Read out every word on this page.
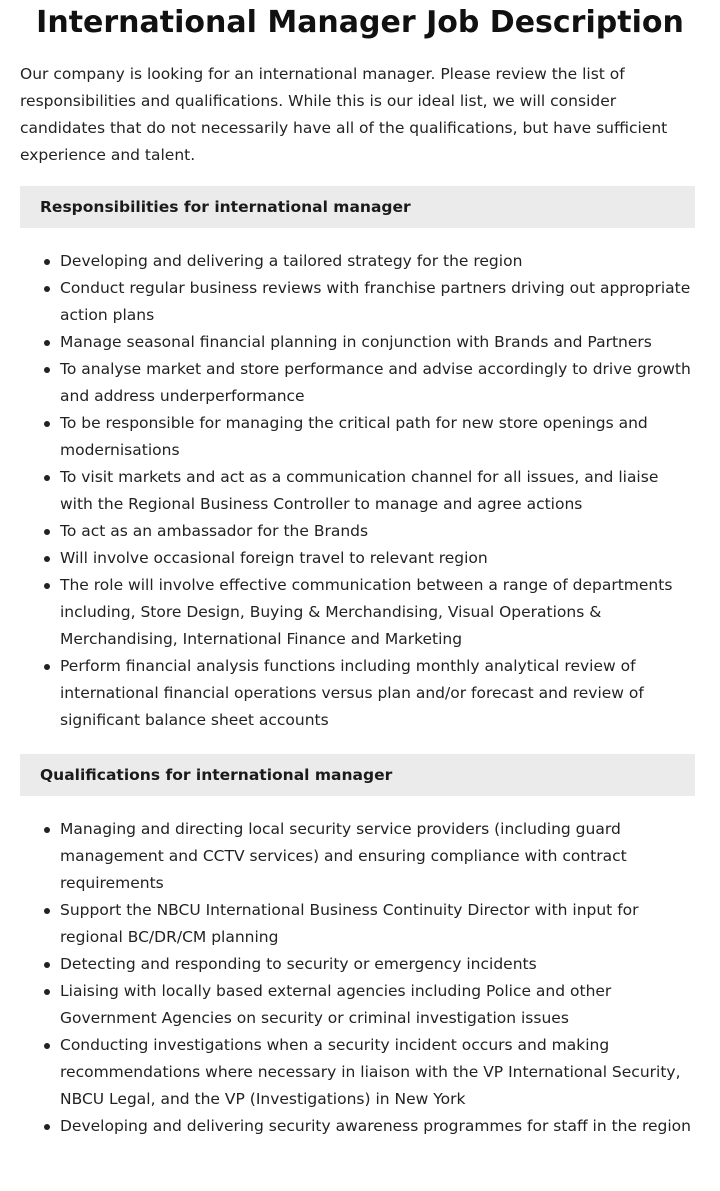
International Manager Job Description

Our company is looking for an international manager. Please review the list of responsibilities and qualifications. While this is our ideal list, we will consider candidates that do not necessarily have all of the qualifications, but have sufficient experience and talent.

Responsibilities for international manager
Developing and delivering a tailored strategy for the region
Conduct regular business reviews with franchise partners driving out appropriate action plans
Manage seasonal financial planning in conjunction with Brands and Partners
To analyse market and store performance and advise accordingly to drive growth and address underperformance
To be responsible for managing the critical path for new store openings and modernisations
To visit markets and act as a communication channel for all issues, and liaise with the Regional Business Controller to manage and agree actions
To act as an ambassador for the Brands
Will involve occasional foreign travel to relevant region
The role will involve effective communication between a range of departments including, Store Design, Buying & Merchandising, Visual Operations & Merchandising, International Finance and Marketing
Perform financial analysis functions including monthly analytical review of international financial operations versus plan and/or forecast and review of significant balance sheet accounts
Qualifications for international manager
Managing and directing local security service providers (including guard management and CCTV services) and ensuring compliance with contract requirements
Support the NBCU International Business Continuity Director with input for regional BC/DR/CM planning
Detecting and responding to security or emergency incidents
Liaising with locally based external agencies including Police and other Government Agencies on security or criminal investigation issues
Conducting investigations when a security incident occurs and making recommendations where necessary in liaison with the VP International Security, NBCU Legal, and the VP (Investigations) in New York
Developing and delivering security awareness programmes for staff in the region
